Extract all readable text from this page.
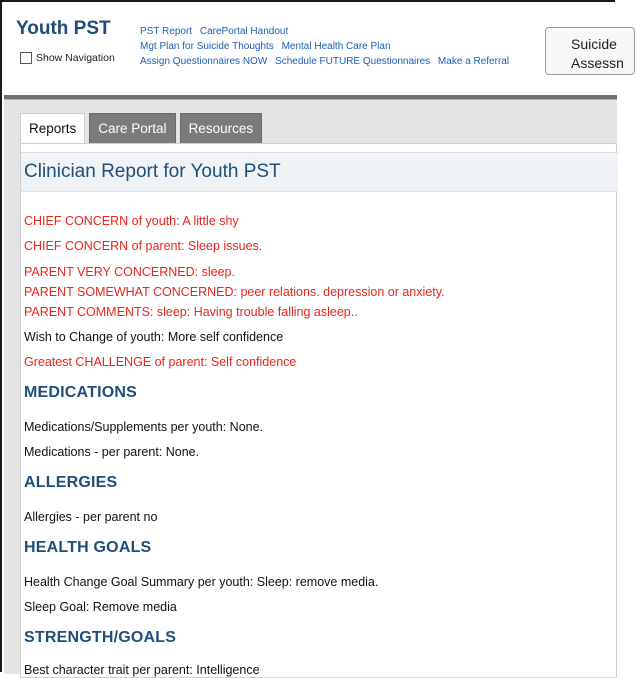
Youth PST
Show Navigation
PST Report CarePortal Handout
Mgt Plan for Suicide Thoughts Mental Health Care Plan
Assign Questionnaires NOW Schedule FUTURE Questionnaires Make a Referral
Suicide
Assessn
Reports	Care Portal	Resources
Clinician Report for Youth PST
CHIEF CONCERN of youth: A little shy
CHIEF CONCERN of parent: Sleep issues.
PARENT VERY CONCERNED: sleep.
PARENT SOMEWHAT CONCERNED: peer relations. depression or anxiety.
PARENT COMMENTS: sleep: Having trouble falling asleep..
Wish to Change of youth: More self confidence
Greatest CHALLENGE of parent: Self confidence
MEDICATIONS
Medications/Supplements per youth: None.
Medications - per parent: None.
ALLERGIES
Allergies - per parent no
HEALTH GOALS
Health Change Goal Summary per youth: Sleep: remove media.
Sleep Goal: Remove media
STRENGTH/GOALS
Best character trait per parent: Intelligence
